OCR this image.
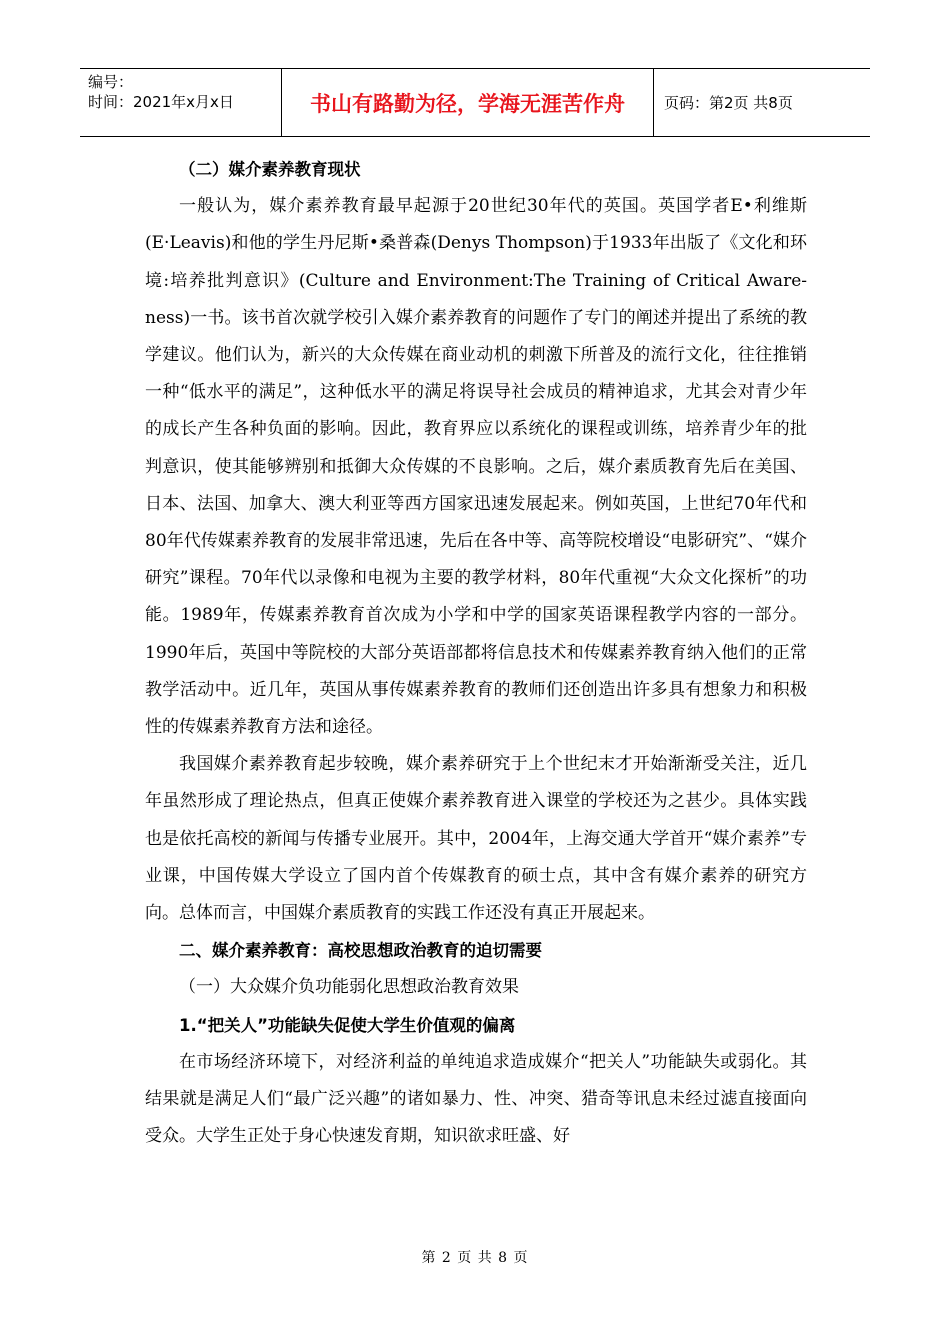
编号：
时间：2021年x月x日	书山有路勤为径，学海无涯苦作舟	页码：第2页 共8页

（二）媒介素养教育现状

一般认为，媒介素养教育最早起源于20世纪30年代的英国。英国学者E•利维斯(E·Leavis)和他的学生丹尼斯•桑普森(Denys Thompson)于1933年出版了《文化和环境:培养批判意识》(Culture and Environment:The Training of Critical Aware-ness)一书。该书首次就学校引入媒介素养教育的问题作了专门的阐述并提出了系统的教学建议。他们认为，新兴的大众传媒在商业动机的刺激下所普及的流行文化，往往推销一种“低水平的满足”，这种低水平的满足将误导社会成员的精神追求，尤其会对青少年的成长产生各种负面的影响。因此，教育界应以系统化的课程或训练，培养青少年的批判意识，使其能够辨别和抵御大众传媒的不良影响。之后，媒介素质教育先后在美国、日本、法国、加拿大、澳大利亚等西方国家迅速发展起来。例如英国，上世纪70年代和80年代传媒素养教育的发展非常迅速，先后在各中等、高等院校增设“电影研究”、“媒介研究”课程。70年代以录像和电视为主要的教学材料，80年代重视“大众文化探析”的功能。1989年，传媒素养教育首次成为小学和中学的国家英语课程教学内容的一部分。1990年后，英国中等院校的大部分英语部都将信息技术和传媒素养教育纳入他们的正常教学活动中。近几年，英国从事传媒素养教育的教师们还创造出许多具有想象力和积极性的传媒素养教育方法和途径。

我国媒介素养教育起步较晚，媒介素养研究于上个世纪末才开始渐渐受关注，近几年虽然形成了理论热点，但真正使媒介素养教育进入课堂的学校还为之甚少。具体实践也是依托高校的新闻与传播专业展开。其中，2004年，上海交通大学首开“媒介素养”专业课，中国传媒大学设立了国内首个传媒教育的硕士点，其中含有媒介素养的研究方向。总体而言，中国媒介素质教育的实践工作还没有真正开展起来。

二、媒介素养教育：高校思想政治教育的迫切需要

（一）大众媒介负功能弱化思想政治教育效果

1.“把关人”功能缺失促使大学生价值观的偏离

在市场经济环境下，对经济利益的单纯追求造成媒介“把关人”功能缺失或弱化。其结果就是满足人们“最广泛兴趣”的诸如暴力、性、冲突、猎奇等讯息未经过滤直接面向受众。大学生正处于身心快速发育期，知识欲求旺盛、好

第 2 页 共 8 页
